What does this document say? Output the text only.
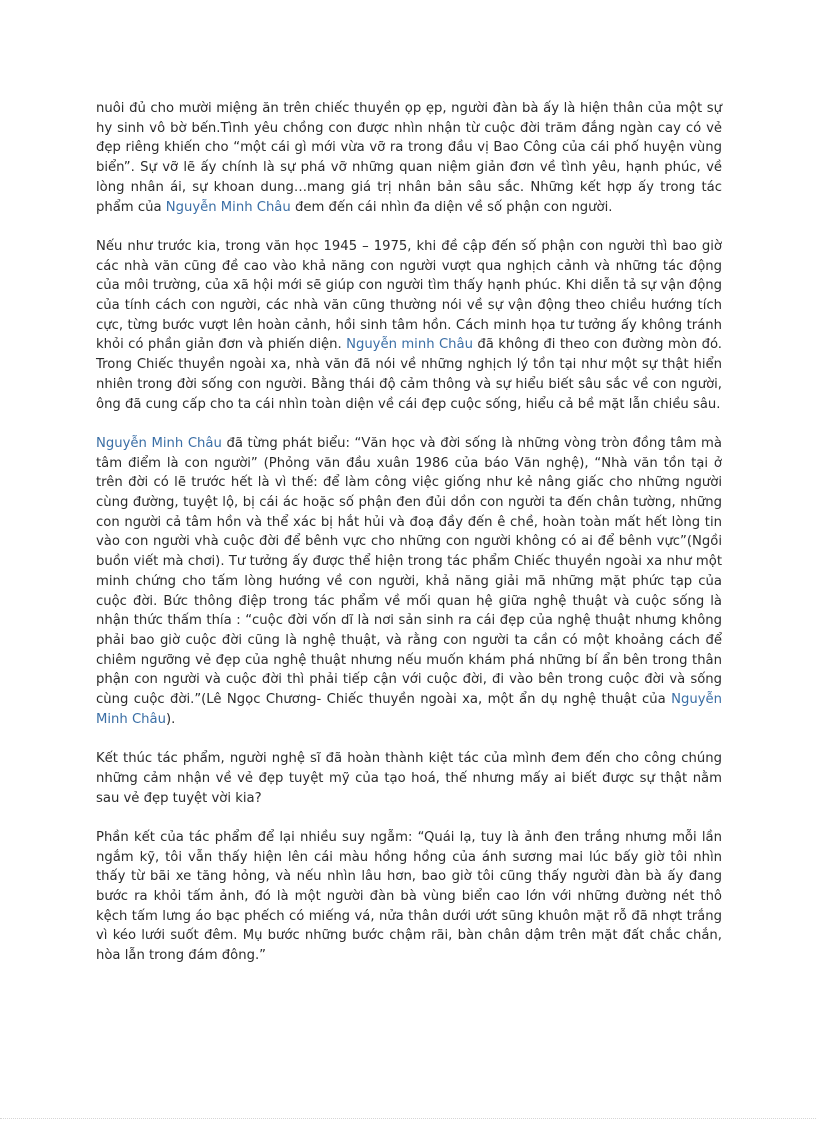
nuôi đủ cho mười miệng ăn trên chiếc thuyền ọp ẹp, người đàn bà ấy là hiện thân của một sự hy sinh vô bờ bến.Tình yêu chồng con được nhìn nhận từ cuộc đời trăm đắng ngàn cay có vẻ đẹp riêng khiến cho “một cái gì mới vừa vỡ ra trong đầu vị Bao Công của cái phố huyện vùng biển”. Sự vỡ lẽ ấy chính là sự phá vỡ những quan niệm giản đơn về tình yêu, hạnh phúc, về lòng nhân ái, sự khoan dung…mang giá trị nhân bản sâu sắc. Những kết hợp ấy trong tác phẩm của Nguyễn Minh Châu đem đến cái nhìn đa diện về số phận con người.

Nếu như trước kia, trong văn học 1945 – 1975, khi đề cập đến số phận con người thì bao giờ các nhà văn cũng đề cao vào khả năng con người vượt qua nghịch cảnh và những tác động của môi trường, của xã hội mới sẽ giúp con người tìm thấy hạnh phúc. Khi diễn tả sự vận động của tính cách con người, các nhà văn cũng thường nói về sự vận động theo chiều hướng tích cực, từng bước vượt lên hoàn cảnh, hồi sinh tâm hồn. Cách minh họa tư tưởng ấy không tránh khỏi có phần giản đơn và phiến diện. Nguyễn minh Châu đã không đi theo con đường mòn đó. Trong Chiếc thuyền ngoài xa, nhà văn đã nói về những nghịch lý tồn tại như một sự thật hiển nhiên trong đời sống con người. Bằng thái độ cảm thông và sự hiểu biết sâu sắc về con người, ông đã cung cấp cho ta cái nhìn toàn diện về cái đẹp cuộc sống, hiểu cả bề mặt lẫn chiều sâu.

Nguyễn Minh Châu đã từng phát biểu: “Văn học và đời sống là những vòng tròn đồng tâm mà tâm điểm là con người” (Phỏng văn đầu xuân 1986 của báo Văn nghệ), “Nhà văn tồn tại ở trên đời có lẽ trước hết là vì thế: để làm công việc giống như kẻ nâng giấc cho những người cùng đường, tuyệt lộ, bị cái ác hoặc số phận đen đủi dồn con người ta đến chân tường, những con người cả tâm hồn và thể xác bị hắt hủi và đoạ đầy đến ê chề, hoàn toàn mất hết lòng tin vào con người vhà cuộc đời để bênh vực cho những con người không có ai để bênh vực”(Ngồi buồn viết mà chơi). Tư tưởng ấy được thể hiện trong tác phẩm Chiếc thuyền ngoài xa như một minh chứng cho tấm lòng hướng về con người, khả năng giải mã những mặt phức tạp của cuộc đời. Bức thông điệp trong tác phẩm về mối quan hệ giữa nghệ thuật và cuộc sống là nhận thức thấm thía : “cuộc đời vốn dĩ là nơi sản sinh ra cái đẹp của nghệ thuật nhưng không phải bao giờ cuộc đời cũng là nghệ thuật, và rằng con người ta cần có một khoảng cách để chiêm ngưỡng vẻ đẹp của nghệ thuật nhưng nếu muốn khám phá những bí ẩn bên trong thân phận con người và cuộc đời thì phải tiếp cận với cuộc đời, đi vào bên trong cuộc đời và sống cùng cuộc đời.”(Lê Ngọc Chương- Chiếc thuyền ngoài xa, một ẩn dụ nghệ thuật của Nguyễn Minh Châu).

Kết thúc tác phẩm, người nghệ sĩ đã hoàn thành kiệt tác của mình đem đến cho công chúng những cảm nhận về vẻ đẹp tuyệt mỹ của tạo hoá, thế nhưng mấy ai biết được sự thật nằm sau vẻ đẹp tuyệt vời kia?

Phần kết của tác phẩm để lại nhiều suy ngẫm: “Quái lạ, tuy là ảnh đen trắng nhưng mỗi lần ngắm kỹ, tôi vẫn thấy hiện lên cái màu hồng hồng của ánh sương mai lúc bấy giờ tôi nhìn thấy từ bãi xe tăng hỏng, và nếu nhìn lâu hơn, bao giờ tôi cũng thấy người đàn bà ấy đang bước ra khỏi tấm ảnh, đó là một người đàn bà vùng biển cao lớn với những đường nét thô kệch tấm lưng áo bạc phếch có miếng vá, nửa thân dưới ướt sũng khuôn mặt rỗ đã nhợt trắng vì kéo lưới suốt đêm. Mụ bước những bước chậm rãi, bàn chân dậm trên mặt đất chắc chắn, hòa lẫn trong đám đông.”
